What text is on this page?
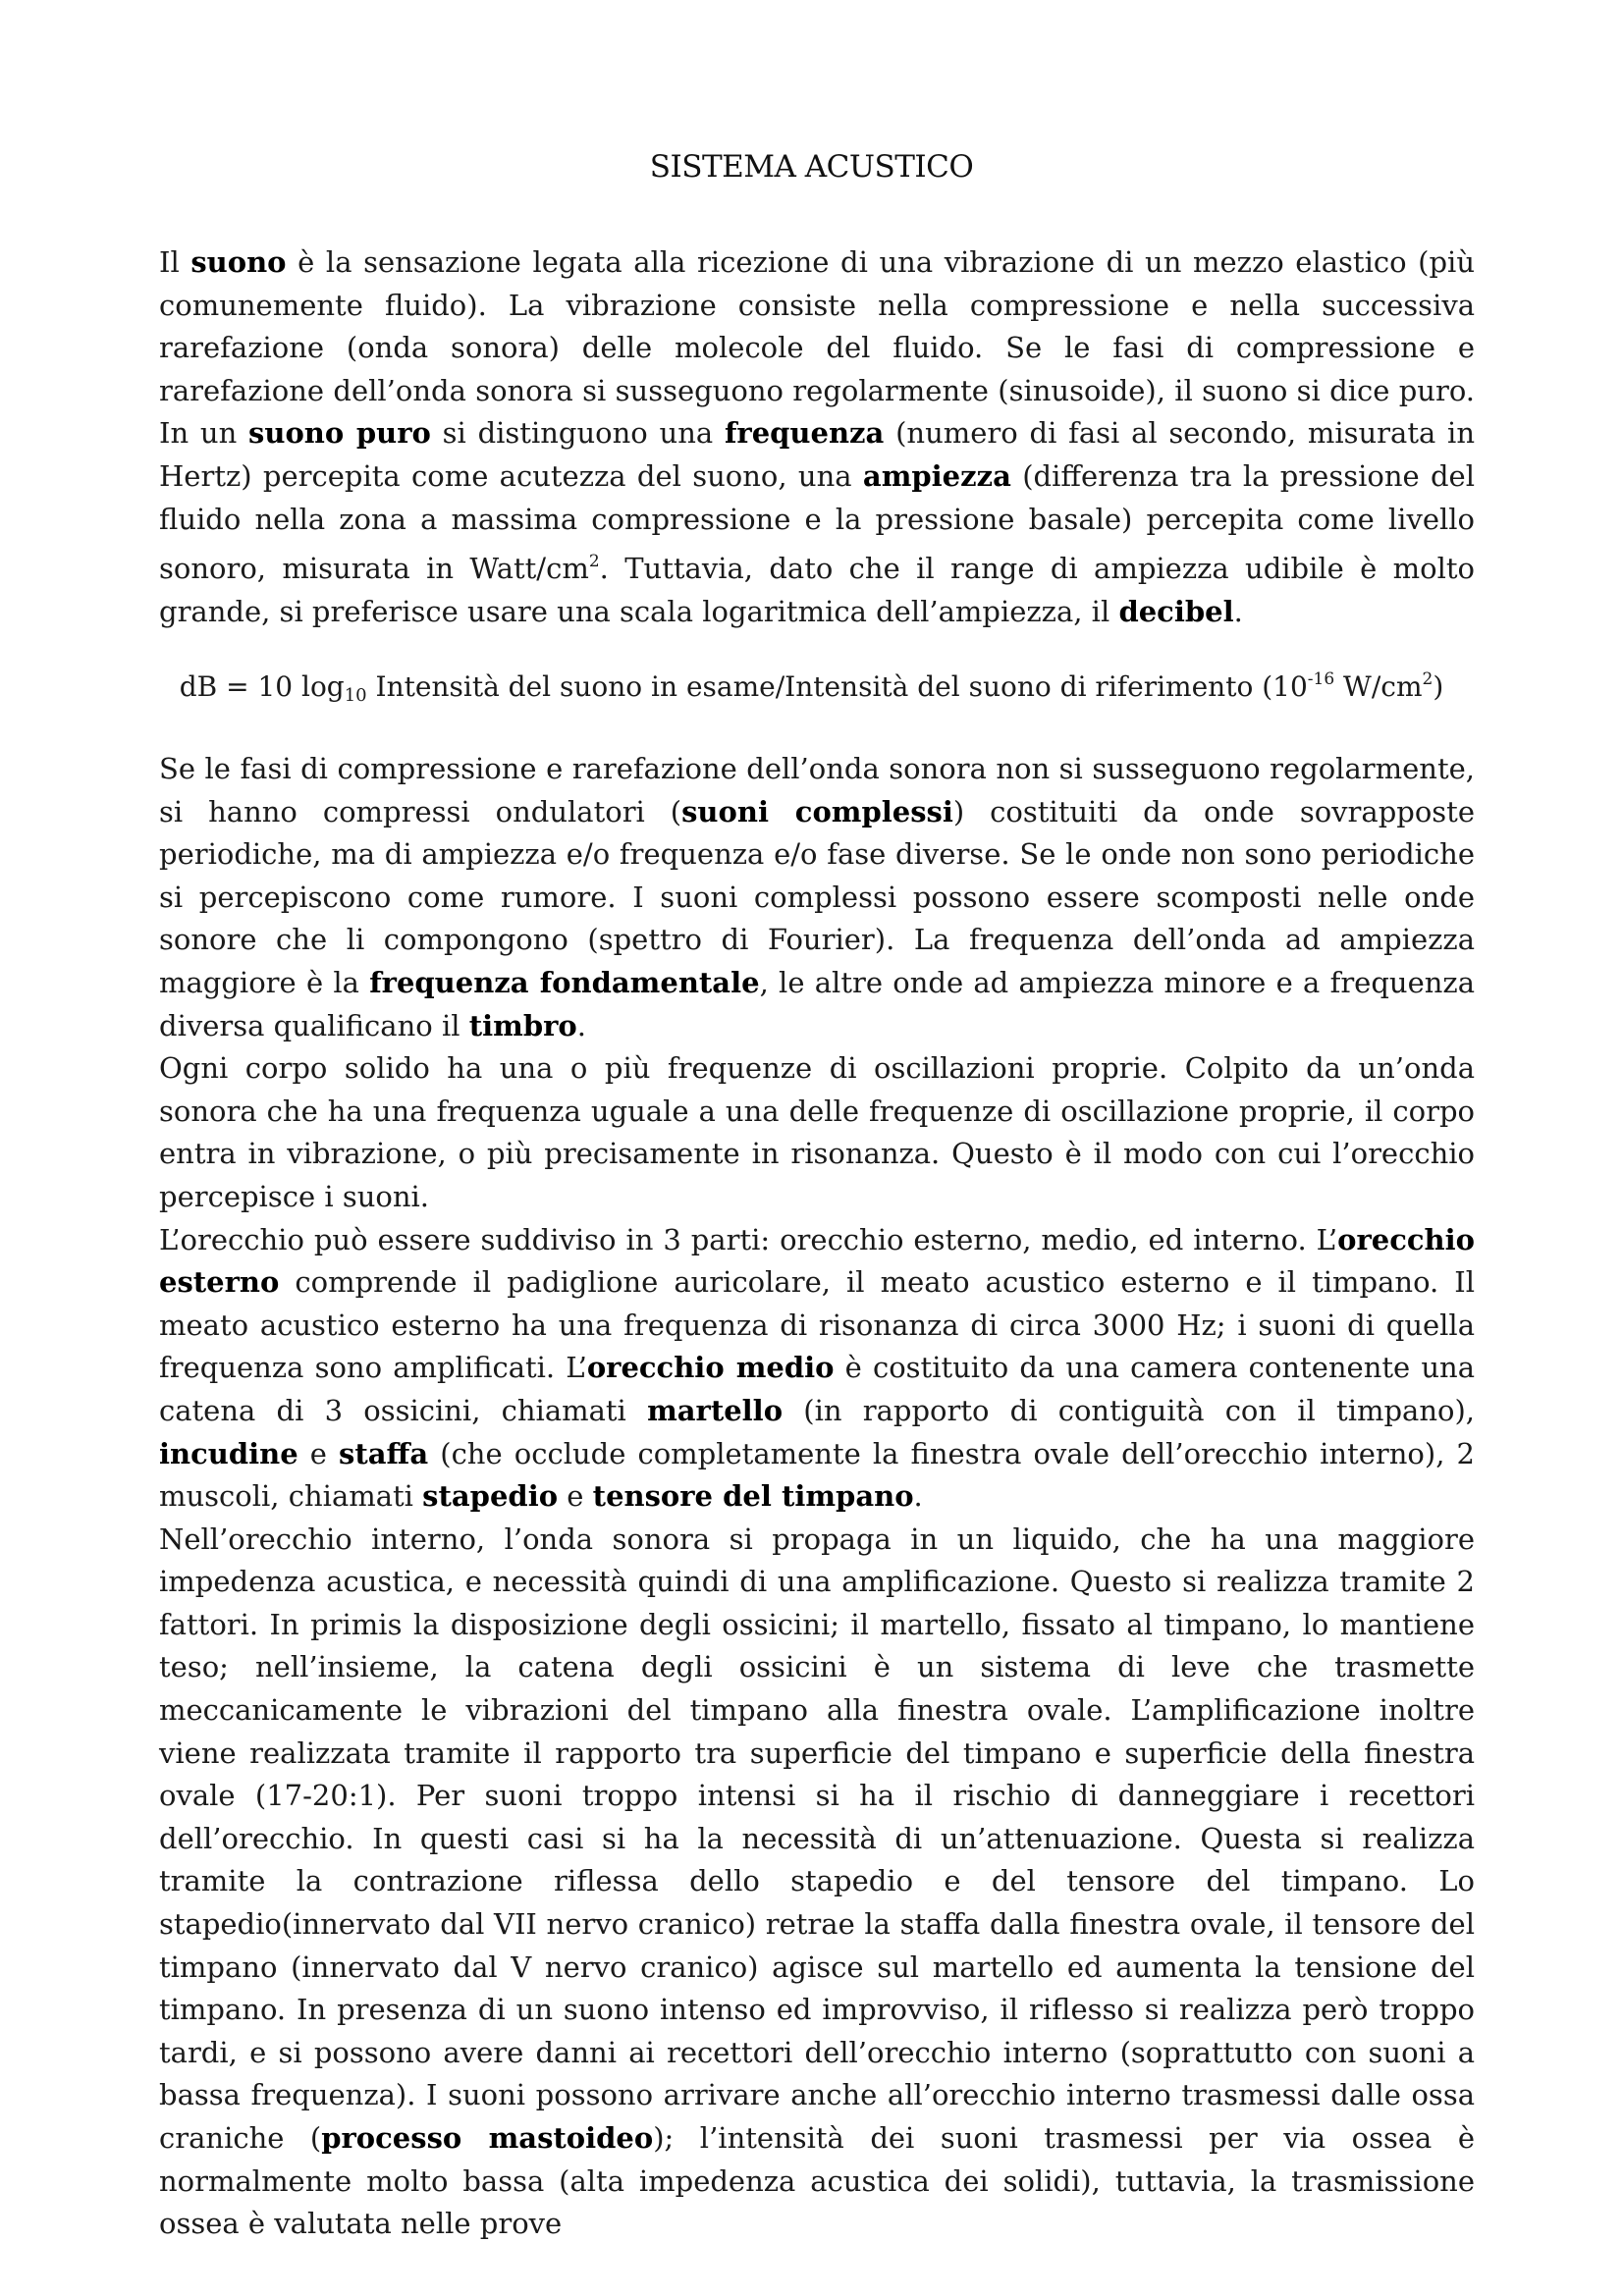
SISTEMA ACUSTICO

Il suono è la sensazione legata alla ricezione di una vibrazione di un mezzo elastico (più comunemente fluido). La vibrazione consiste nella compressione e nella successiva rarefazione (onda sonora) delle molecole del fluido. Se le fasi di compressione e rarefazione dell’onda sonora si susseguono regolarmente (sinusoide), il suono si dice puro. In un suono puro si distinguono una frequenza (numero di fasi al secondo, misurata in Hertz) percepita come acutezza del suono, una ampiezza (differenza tra la pressione del fluido nella zona a massima compressione e la pressione basale) percepita come livello sonoro, misurata in Watt/$cm^2$. Tuttavia, dato che il range di ampiezza udibile è molto grande, si preferisce usare una scala logaritmica dell’ampiezza, il decibel.

dB = 10 $\log_{10}$ Intensità del suono in esame/Intensità del suono di riferimento ($10^{-16}$ $W/cm^2$)

Se le fasi di compressione e rarefazione dell’onda sonora non si susseguono regolarmente, si hanno compressi ondulatori (suoni complessi) costituiti da onde sovrapposte periodiche, ma di ampiezza e/o frequenza e/o fase diverse. Se le onde non sono periodiche si percepiscono come rumore. I suoni complessi possono essere scomposti nelle onde sonore che li compongono (spettro di Fourier). La frequenza dell’onda ad ampiezza maggiore è la frequenza fondamentale, le altre onde ad ampiezza minore e a frequenza diversa qualificano il timbro.

Ogni corpo solido ha una o più frequenze di oscillazioni proprie. Colpito da un’onda sonora che ha una frequenza uguale a una delle frequenze di oscillazione proprie, il corpo entra in vibrazione, o più precisamente in risonanza. Questo è il modo con cui l’orecchio percepisce i suoni.

L’orecchio può essere suddiviso in 3 parti: orecchio esterno, medio, ed interno. L’orecchio esterno comprende il padiglione auricolare, il meato acustico esterno e il timpano. Il meato acustico esterno ha una frequenza di risonanza di circa 3000 Hz; i suoni di quella frequenza sono amplificati. L’orecchio medio è costituito da una camera contenente una catena di 3 ossicini, chiamati martello (in rapporto di contiguità con il timpano), incudine e staffa (che occlude completamente la finestra ovale dell’orecchio interno), 2 muscoli, chiamati stapedio e tensore del timpano.

Nell’orecchio interno, l’onda sonora si propaga in un liquido, che ha una maggiore impedenza acustica, e necessità quindi di una amplificazione. Questo si realizza tramite 2 fattori. In primis la disposizione degli ossicini; il martello, fissato al timpano, lo mantiene teso; nell’insieme, la catena degli ossicini è un sistema di leve che trasmette meccanicamente le vibrazioni del timpano alla finestra ovale. L’amplificazione inoltre viene realizzata tramite il rapporto tra superficie del timpano e superficie della finestra ovale (17-20:1). Per suoni troppo intensi si ha il rischio di danneggiare i recettori dell’orecchio. In questi casi si ha la necessità di un’attenuazione. Questa si realizza tramite la contrazione riflessa dello stapedio e del tensore del timpano. Lo stapedio(innervato dal VII nervo cranico) retrae la staffa dalla finestra ovale, il tensore del timpano (innervato dal V nervo cranico) agisce sul martello ed aumenta la tensione del timpano. In presenza di un suono intenso ed improvviso, il riflesso si realizza però troppo tardi, e si possono avere danni ai recettori dell’orecchio interno (soprattutto con suoni a bassa frequenza). I suoni possono arrivare anche all’orecchio interno trasmessi dalle ossa craniche (processo mastoideo); l’intensità dei suoni trasmessi per via ossea è normalmente molto bassa (alta impedenza acustica dei solidi), tuttavia, la trasmissione ossea è valutata nelle prove
